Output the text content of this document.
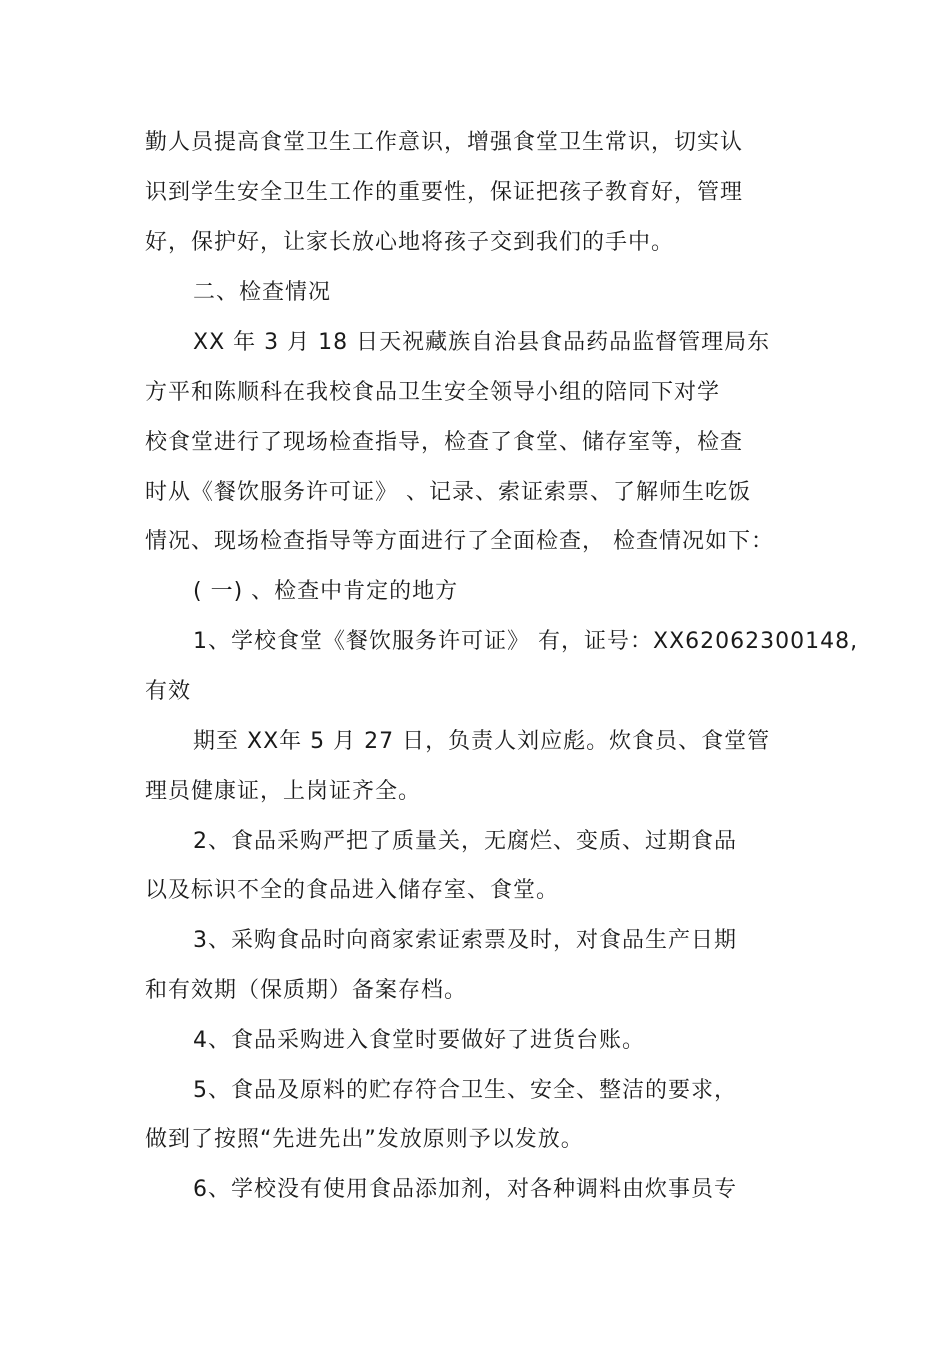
勤人员提高食堂卫生工作意识，增强食堂卫生常识，切实认
识到学生安全卫生工作的重要性，保证把孩子教育好，管理
好，保护好，让家长放心地将孩子交到我们的手中。
二、检查情况
XX 年 3 月 18 日天祝藏族自治县食品药品监督管理局东
方平和陈顺科在我校食品卫生安全领导小组的陪同下对学
校食堂进行了现场检查指导，检查了食堂、储存室等，检查
时从《餐饮服务许可证》 、记录、索证索票、了解师生吃饭
情况、现场检查指导等方面进行了全面检查， 检查情况如下：
( 一) 、检查中肯定的地方
1、学校食堂《餐饮服务许可证》 有，证号：XX62062300148,
有效
期至 XX年 5 月 27 日，负责人刘应彪。炊食员、食堂管
理员健康证，上岗证齐全。
2、食品采购严把了质量关，无腐烂、变质、过期食品
以及标识不全的食品进入储存室、食堂。
3、采购食品时向商家索证索票及时，对食品生产日期
和有效期（保质期）备案存档。
4、食品采购进入食堂时要做好了进货台账。
5、食品及原料的贮存符合卫生、安全、整洁的要求，
做到了按照“先进先出”发放原则予以发放。
6、学校没有使用食品添加剂，对各种调料由炊事员专
